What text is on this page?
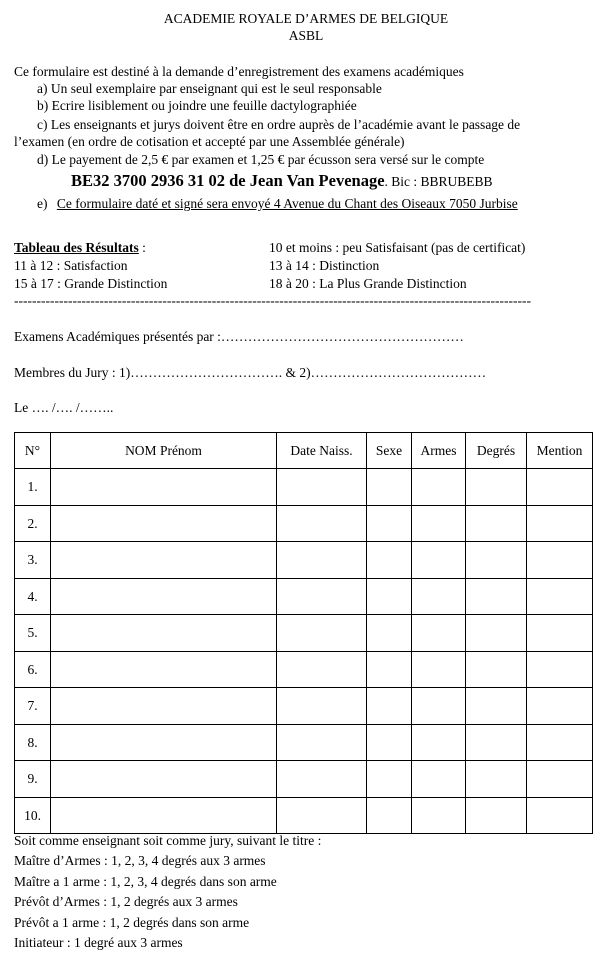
ACADEMIE ROYALE D’ARMES DE BELGIQUE
ASBL
Ce formulaire est destiné à la demande d’enregistrement des examens académiques
a) Un seul exemplaire par enseignant qui est le seul responsable
b) Ecrire lisiblement ou joindre une feuille dactylographiée
c) Les enseignants et jurys doivent être en ordre auprès de l’académie avant le passage de
l’examen (en ordre de cotisation et accepté par une Assemblée générale)
d) Le payement de 2,5 € par examen et 1,25 € par écusson sera versé sur le compte
BE32 3700 2936 31 02 de Jean Van Pevenage. Bic : BBRUBEBB
e) Ce formulaire daté et signé sera envoyé 4 Avenue du Chant des Oiseaux 7050 Jurbise
Tableau des Résultats :	10 et moins : peu Satisfaisant (pas de certificat)
11 à 12 : Satisfaction	13 à 14 : Distinction
15 à 17 : Grande Distinction	18 à 20 : La Plus Grande Distinction
-------------------------------------------------------------------------------------------------------------------
Examens Académiques présentés par :………………………………………………
Membres du Jury : 1)……………………………. & 2)…………………………………
Le …. /…. /……..
N°	NOM Prénom	Date Naiss.	Sexe	Armes	Degrés	Mention
1.						
2.						
3.						
4.						
5.						
6.						
7.						
8.						
9.						
10.						
Soit comme enseignant soit comme jury, suivant le titre :
Maître d’Armes : 1, 2, 3, 4 degrés aux 3 armes
Maître a 1 arme : 1, 2, 3, 4 degrés dans son arme
Prévôt d’Armes : 1, 2 degrés aux 3 armes
Prévôt a 1 arme : 1, 2 degrés dans son arme
Initiateur : 1 degré aux 3 armes
